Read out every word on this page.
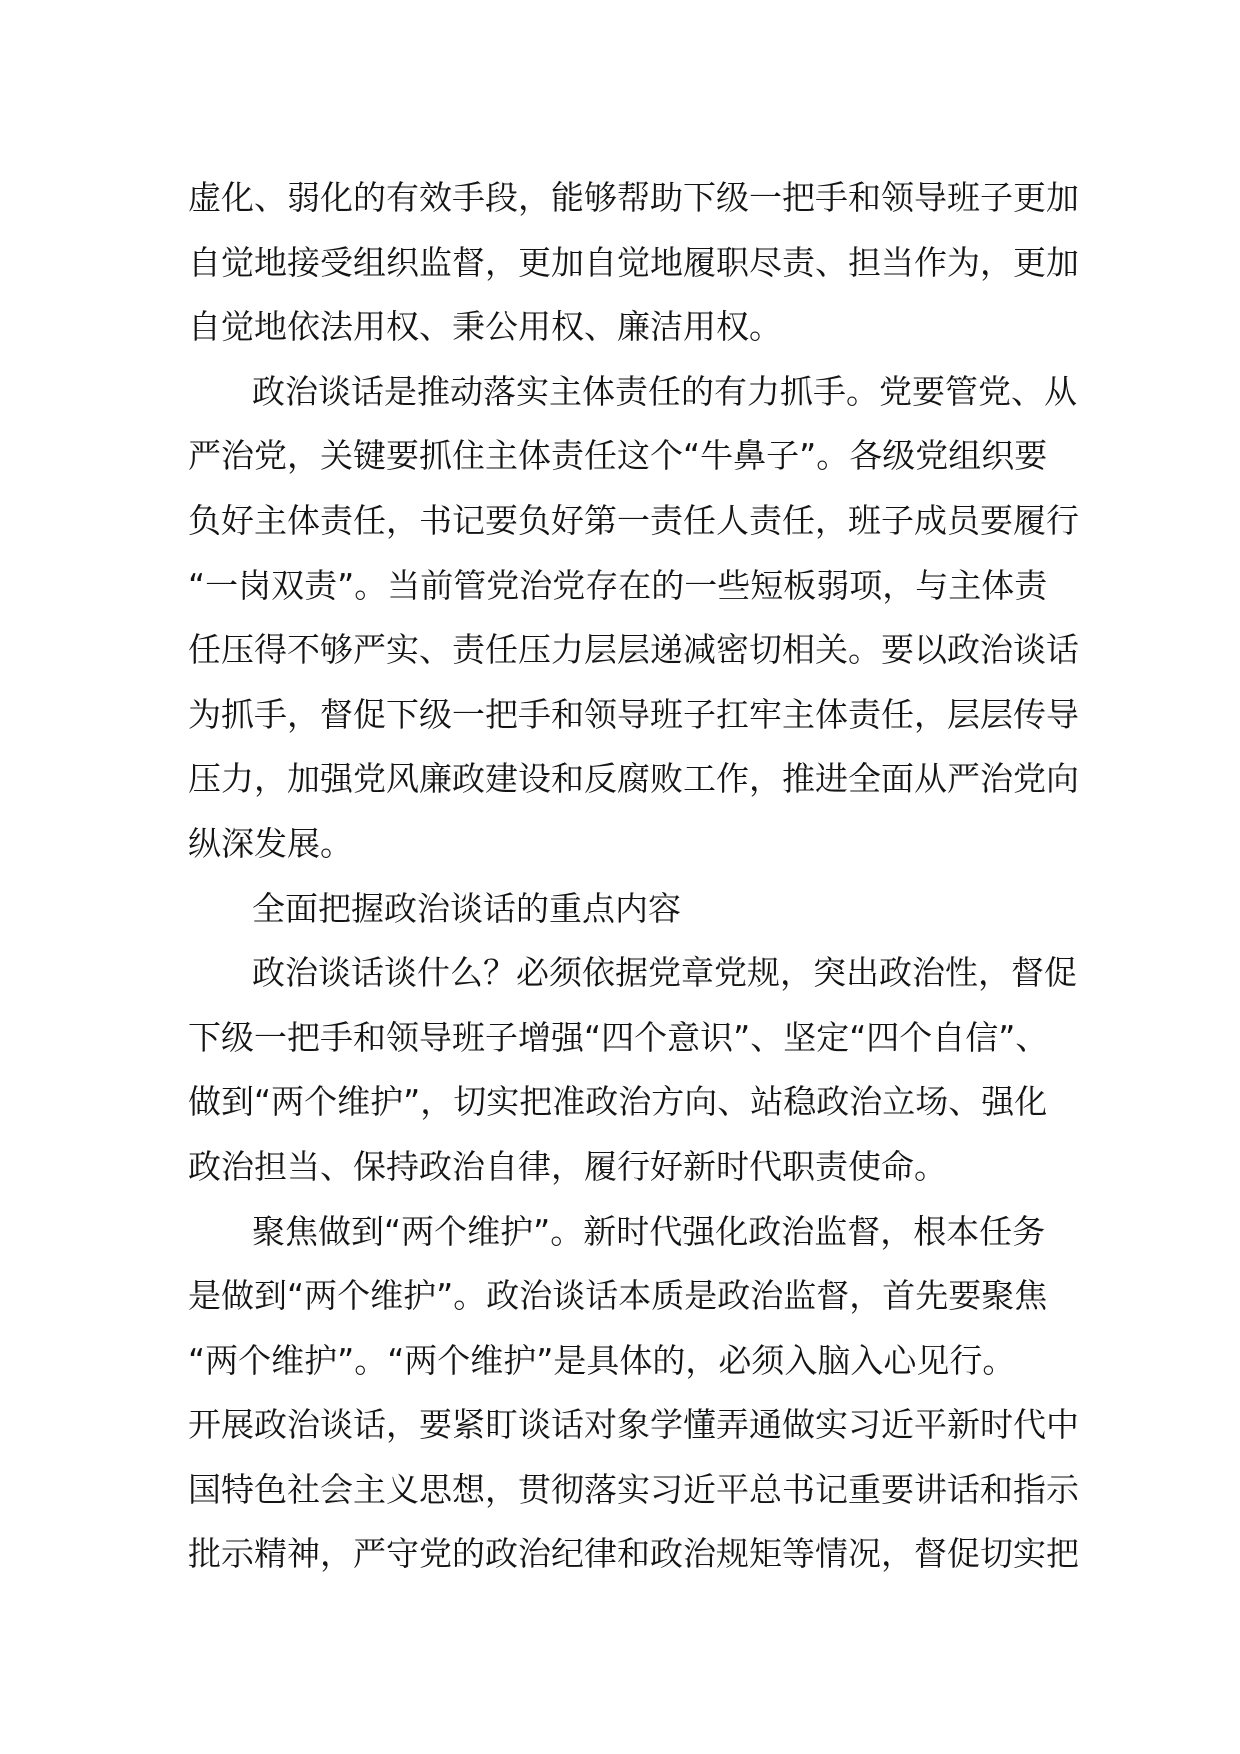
虚化、弱化的有效手段，能够帮助下级一把手和领导班子更加
自觉地接受组织监督，更加自觉地履职尽责、担当作为，更加
自觉地依法用权、秉公用权、廉洁用权。
政治谈话是推动落实主体责任的有力抓手。党要管党、从
严治党，关键要抓住主体责任这个“牛鼻子”。各级党组织要
负好主体责任，书记要负好第一责任人责任，班子成员要履行
“一岗双责”。当前管党治党存在的一些短板弱项，与主体责
任压得不够严实、责任压力层层递减密切相关。要以政治谈话
为抓手，督促下级一把手和领导班子扛牢主体责任，层层传导
压力，加强党风廉政建设和反腐败工作，推进全面从严治党向
纵深发展。
全面把握政治谈话的重点内容
政治谈话谈什么？必须依据党章党规，突出政治性，督促
下级一把手和领导班子增强“四个意识”、坚定“四个自信”、
做到“两个维护”，切实把准政治方向、站稳政治立场、强化
政治担当、保持政治自律，履行好新时代职责使命。
聚焦做到“两个维护”。新时代强化政治监督，根本任务
是做到“两个维护”。政治谈话本质是政治监督，首先要聚焦
“两个维护”。“两个维护”是具体的，必须入脑入心见行。
开展政治谈话，要紧盯谈话对象学懂弄通做实习近平新时代中
国特色社会主义思想，贯彻落实习近平总书记重要讲话和指示
批示精神，严守党的政治纪律和政治规矩等情况，督促切实把
